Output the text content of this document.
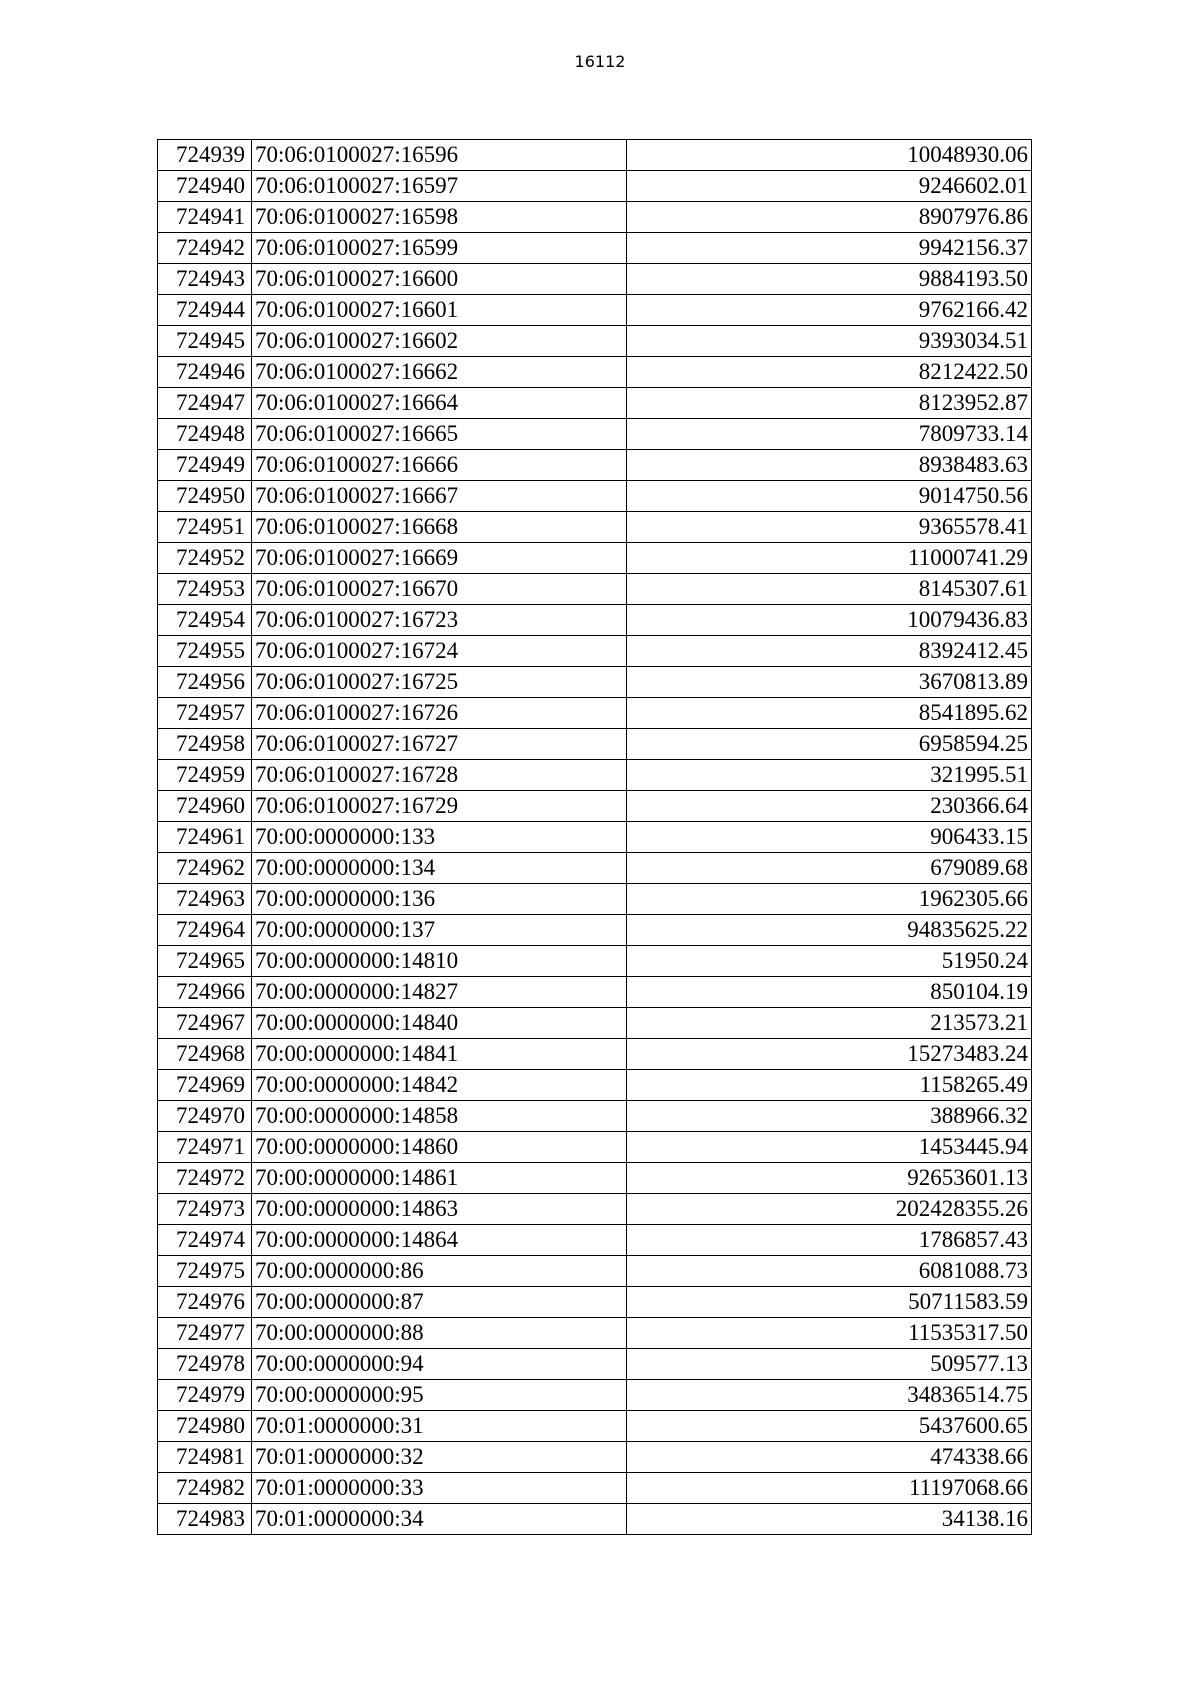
16112
724939	70:06:0100027:16596	10048930.06
724940	70:06:0100027:16597	9246602.01
724941	70:06:0100027:16598	8907976.86
724942	70:06:0100027:16599	9942156.37
724943	70:06:0100027:16600	9884193.50
724944	70:06:0100027:16601	9762166.42
724945	70:06:0100027:16602	9393034.51
724946	70:06:0100027:16662	8212422.50
724947	70:06:0100027:16664	8123952.87
724948	70:06:0100027:16665	7809733.14
724949	70:06:0100027:16666	8938483.63
724950	70:06:0100027:16667	9014750.56
724951	70:06:0100027:16668	9365578.41
724952	70:06:0100027:16669	11000741.29
724953	70:06:0100027:16670	8145307.61
724954	70:06:0100027:16723	10079436.83
724955	70:06:0100027:16724	8392412.45
724956	70:06:0100027:16725	3670813.89
724957	70:06:0100027:16726	8541895.62
724958	70:06:0100027:16727	6958594.25
724959	70:06:0100027:16728	321995.51
724960	70:06:0100027:16729	230366.64
724961	70:00:0000000:133	906433.15
724962	70:00:0000000:134	679089.68
724963	70:00:0000000:136	1962305.66
724964	70:00:0000000:137	94835625.22
724965	70:00:0000000:14810	51950.24
724966	70:00:0000000:14827	850104.19
724967	70:00:0000000:14840	213573.21
724968	70:00:0000000:14841	15273483.24
724969	70:00:0000000:14842	1158265.49
724970	70:00:0000000:14858	388966.32
724971	70:00:0000000:14860	1453445.94
724972	70:00:0000000:14861	92653601.13
724973	70:00:0000000:14863	202428355.26
724974	70:00:0000000:14864	1786857.43
724975	70:00:0000000:86	6081088.73
724976	70:00:0000000:87	50711583.59
724977	70:00:0000000:88	11535317.50
724978	70:00:0000000:94	509577.13
724979	70:00:0000000:95	34836514.75
724980	70:01:0000000:31	5437600.65
724981	70:01:0000000:32	474338.66
724982	70:01:0000000:33	11197068.66
724983	70:01:0000000:34	34138.16
